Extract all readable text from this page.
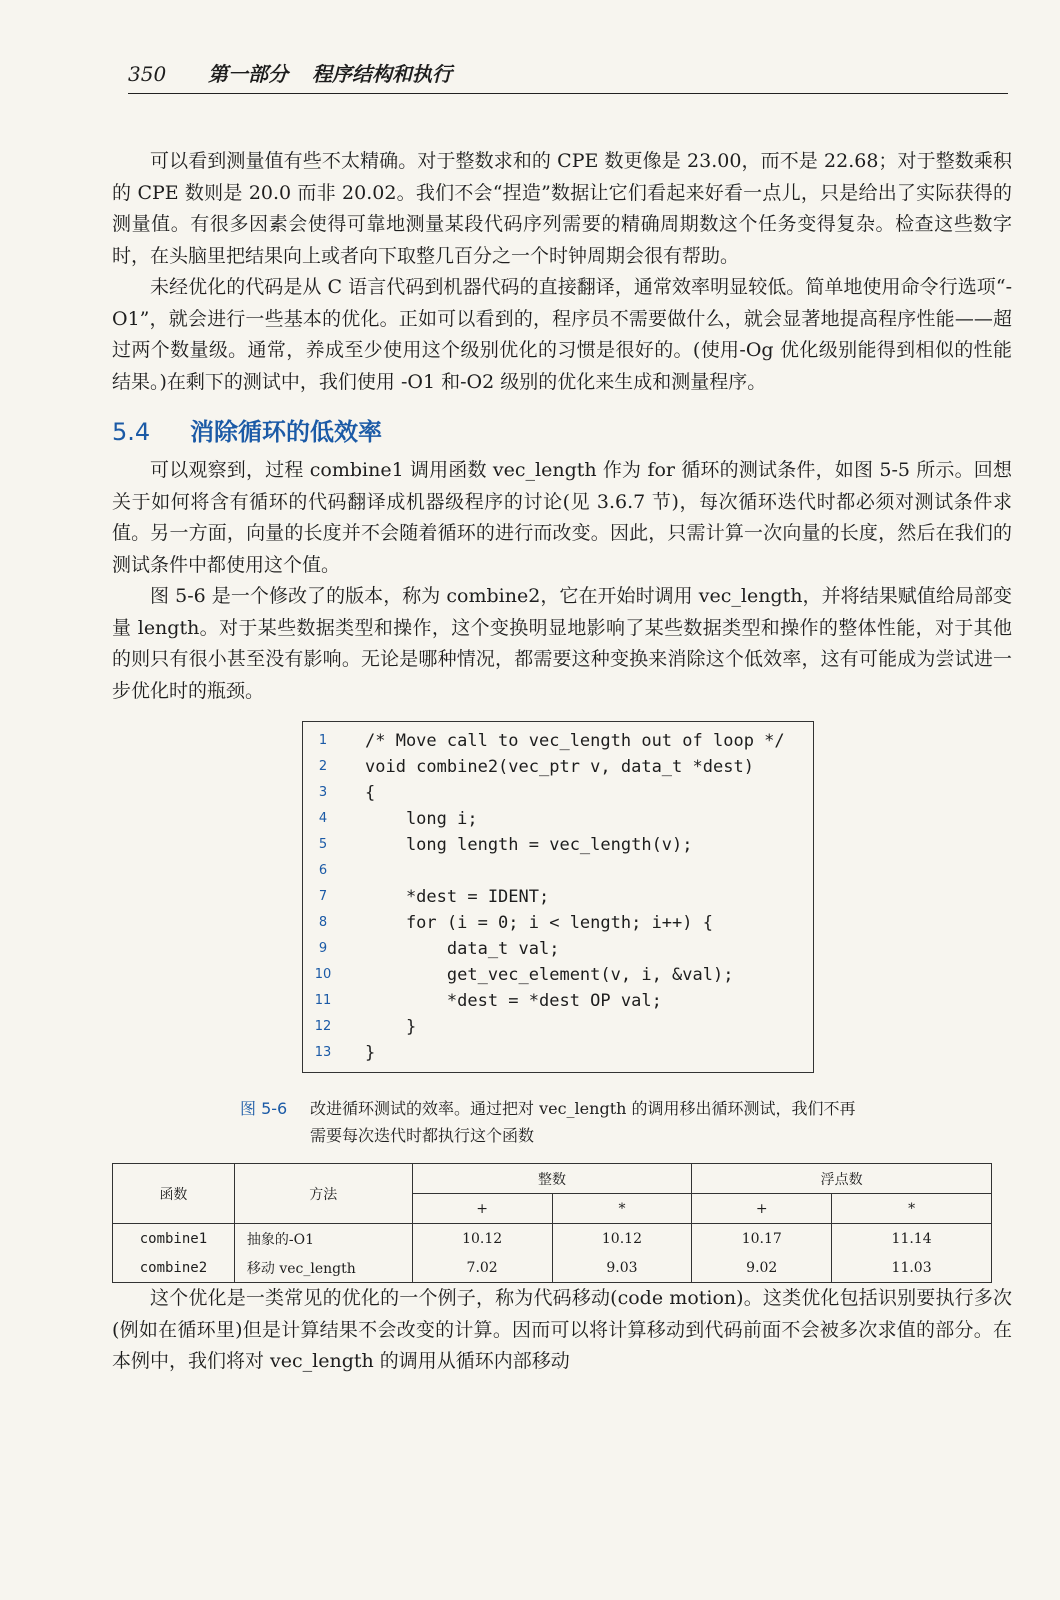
350 第一部分 程序结构和执行

可以看到测量值有些不太精确。对于整数求和的 CPE 数更像是 23.00，而不是 22.68；对于整数乘积的 CPE 数则是 20.0 而非 20.02。我们不会“捏造”数据让它们看起来好看一点儿，只是给出了实际获得的测量值。有很多因素会使得可靠地测量某段代码序列需要的精确周期数这个任务变得复杂。检查这些数字时，在头脑里把结果向上或者向下取整几百分之一个时钟周期会很有帮助。

未经优化的代码是从 C 语言代码到机器代码的直接翻译，通常效率明显较低。简单地使用命令行选项“-O1”，就会进行一些基本的优化。正如可以看到的，程序员不需要做什么，就会显著地提高程序性能——超过两个数量级。通常，养成至少使用这个级别优化的习惯是很好的。(使用-Og 优化级别能得到相似的性能结果。)在剩下的测试中，我们使用 -O1 和-O2 级别的优化来生成和测量程序。

5.4 消除循环的低效率

可以观察到，过程 combine1 调用函数 vec_length 作为 for 循环的测试条件，如图 5-5 所示。回想关于如何将含有循环的代码翻译成机器级程序的讨论(见 3.6.7 节)，每次循环迭代时都必须对测试条件求值。另一方面，向量的长度并不会随着循环的进行而改变。因此，只需计算一次向量的长度，然后在我们的测试条件中都使用这个值。

图 5-6 是一个修改了的版本，称为 combine2，它在开始时调用 vec_length，并将结果赋值给局部变量 length。对于某些数据类型和操作，这个变换明显地影响了某些数据类型和操作的整体性能，对于其他的则只有很小甚至没有影响。无论是哪种情况，都需要这种变换来消除这个低效率，这有可能成为尝试进一步优化时的瓶颈。

1	/* Move call to vec_length out of loop */
2	void combine2(vec_ptr v, data_t *dest)
3	{
4	long i;
5	long length = vec_length(v);
6
7	*dest = IDENT;
8	for (i = 0; i < length; i++) {
9	data_t val;
10	get_vec_element(v, i, &val);
11	*dest = *dest OP val;
12	}
13	}
图 5-6	改进循环测试的效率。通过把对 vec_length 的调用移出循环测试，我们不再需要每次迭代时都执行这个函数
函数	方法	整数		浮点数	
		+	*	+	*
combine1	抽象的-O1	10.12	10.12	10.17	11.14
combine2	移动 vec_length	7.02	9.03	9.02	11.03

这个优化是一类常见的优化的一个例子，称为代码移动(code motion)。这类优化包括识别要执行多次(例如在循环里)但是计算结果不会改变的计算。因而可以将计算移动到代码前面不会被多次求值的部分。在本例中，我们将对 vec_length 的调用从循环内部移动
